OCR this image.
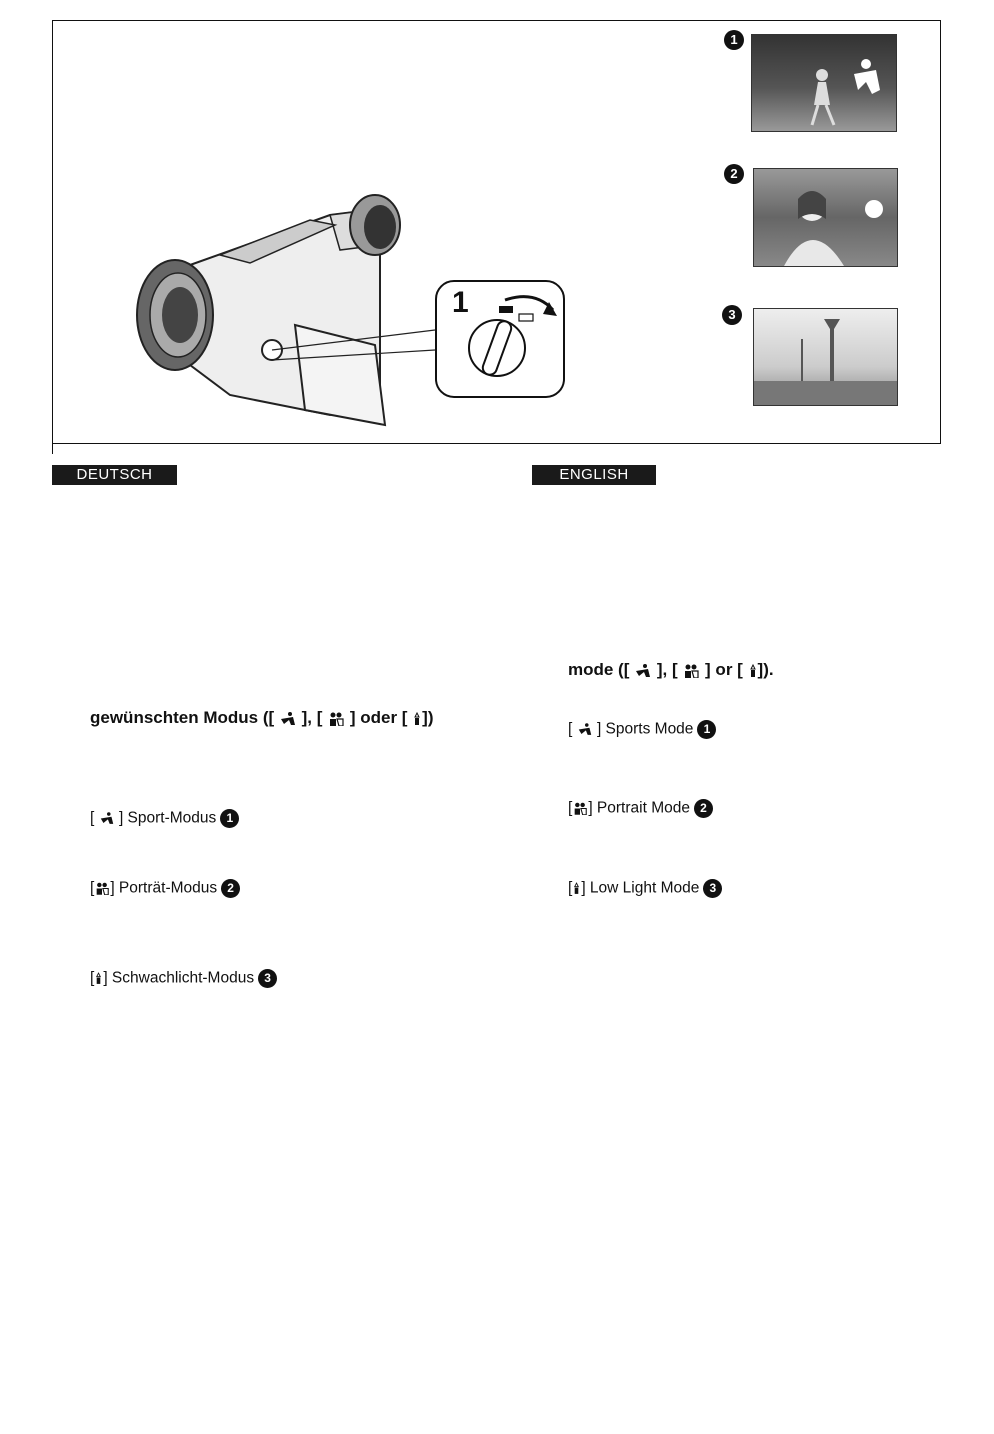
1
1
2
3
DEUTSCH	ENGLISH
mode ([  ], [  ] or [ ]).
gewünschten Modus ([  ], [  ] oder [ ])
[ ] Sports Mode 1
[ ] Portrait Mode 2
[ ] Low Light Mode 3
[ ] Sport-Modus 1
[ ] Porträt-Modus 2
[ ] Schwachlicht-Modus 3
